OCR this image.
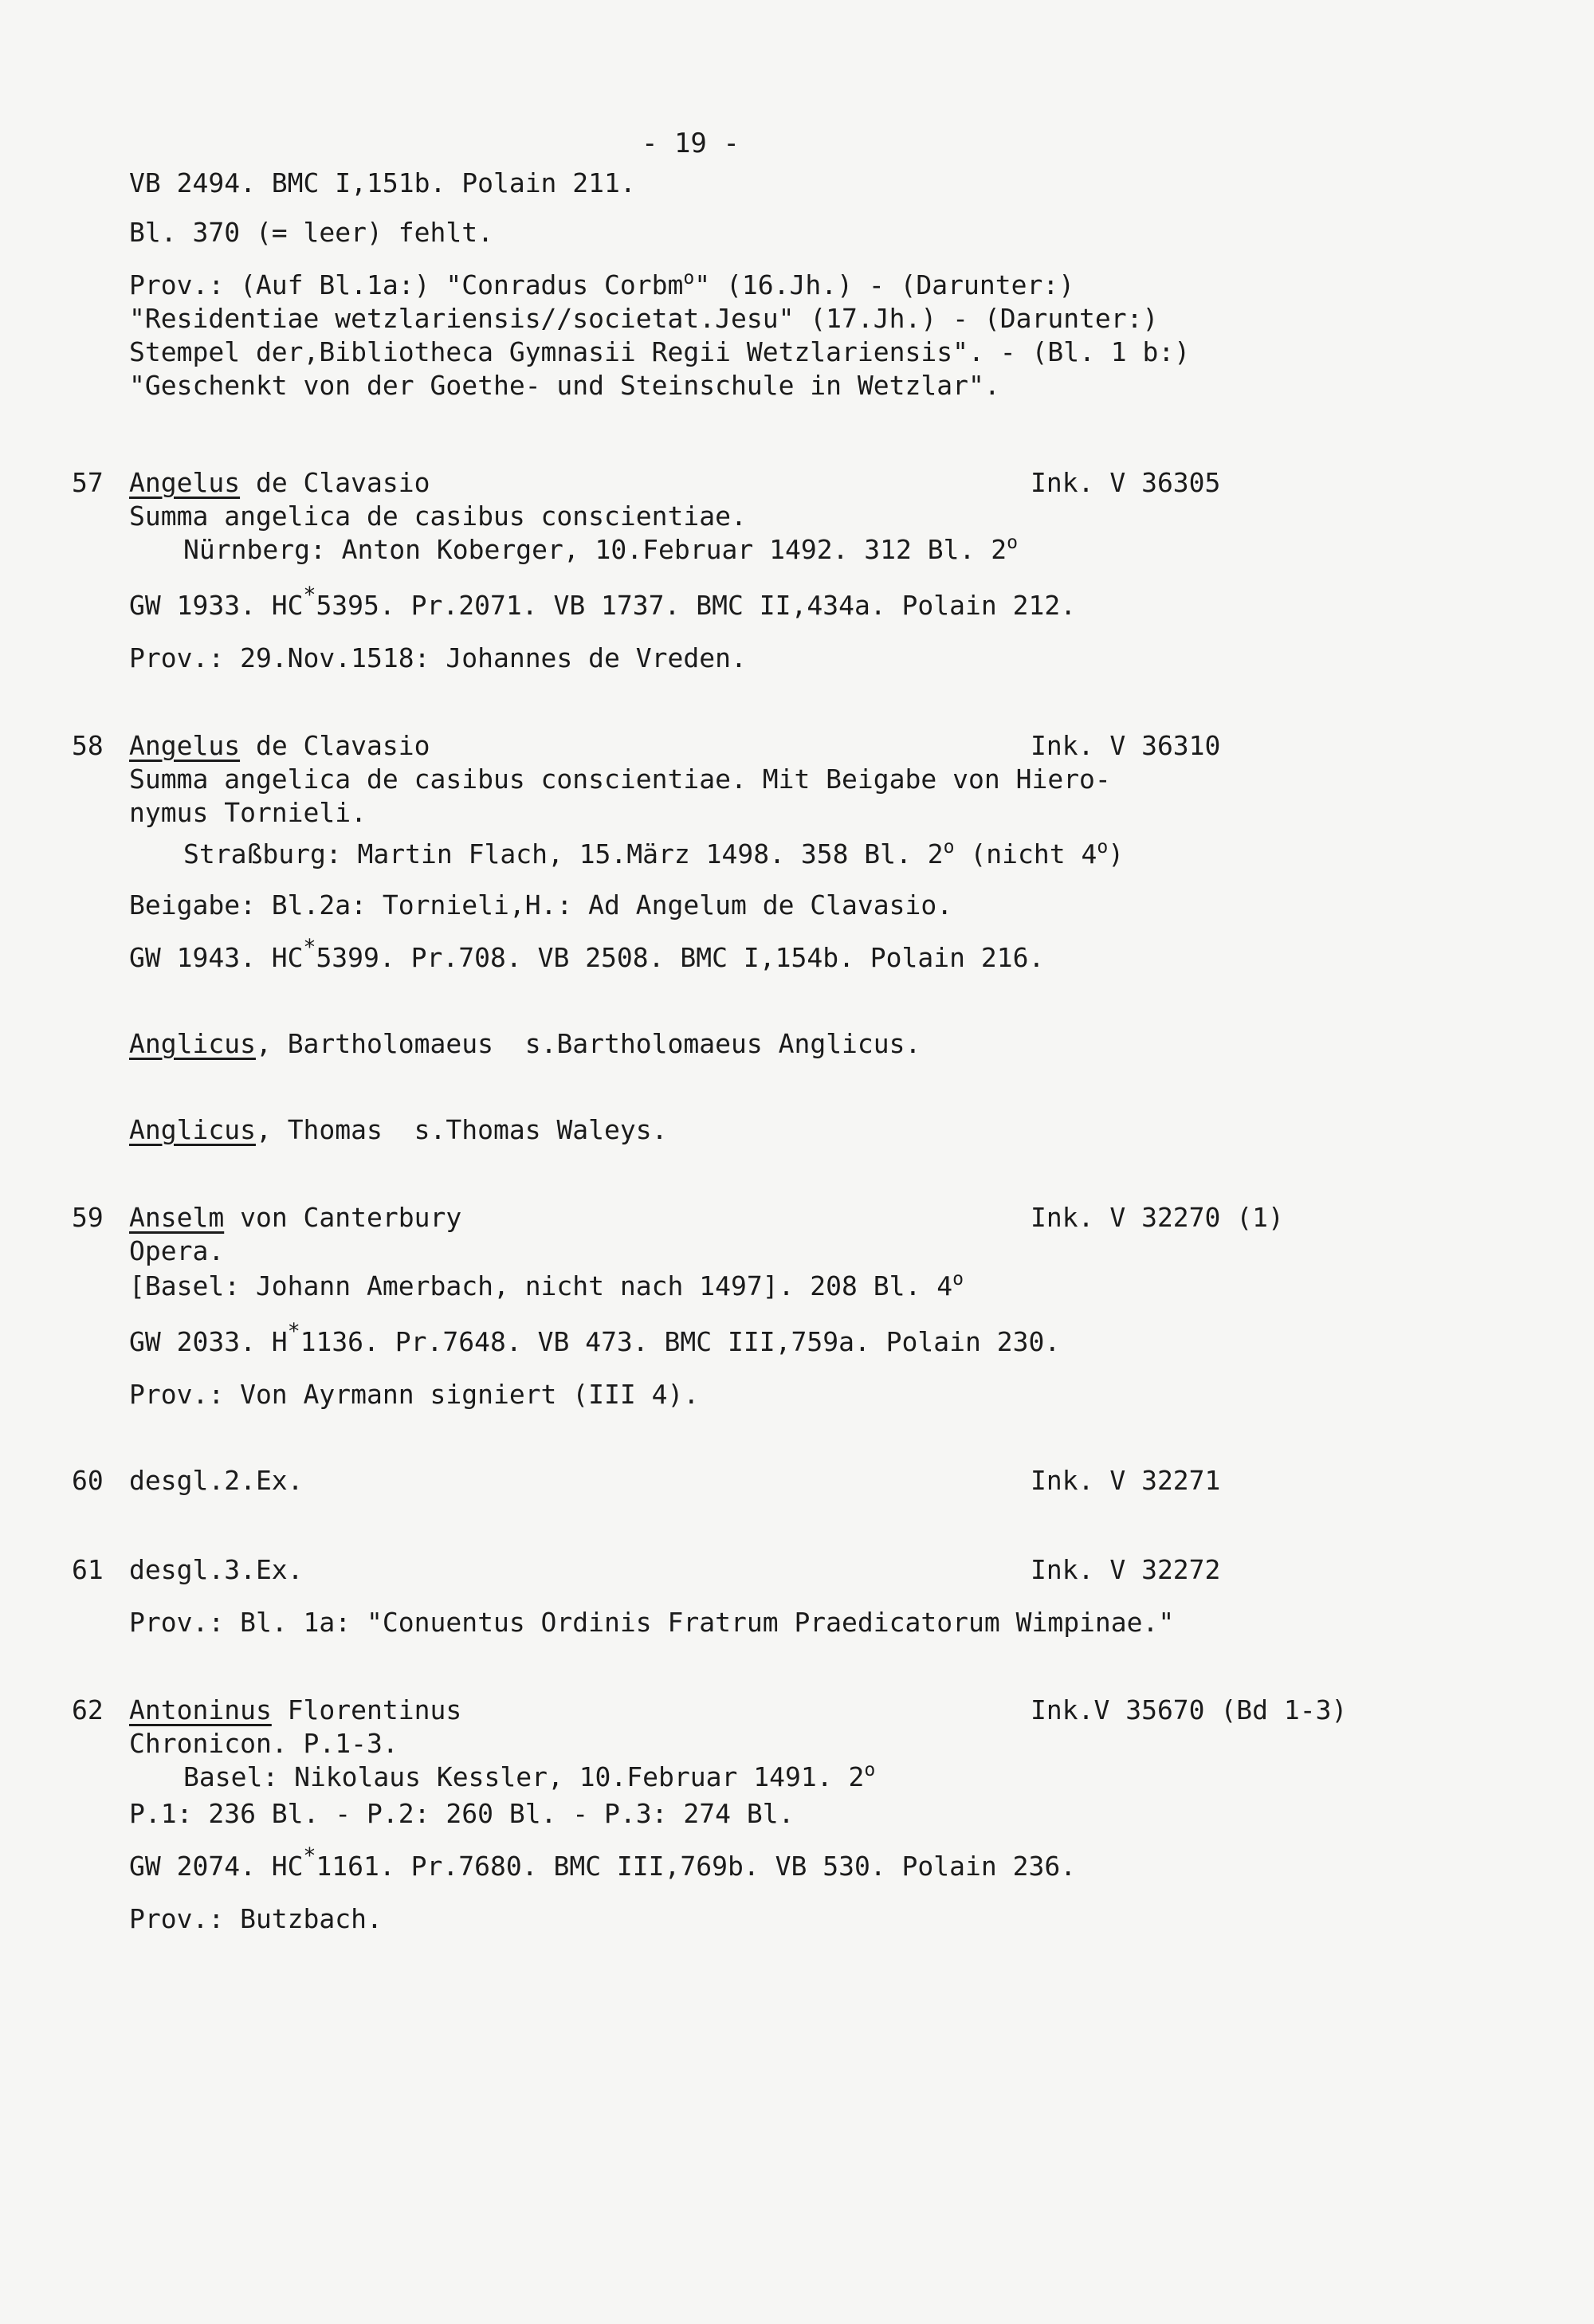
- 19 -
VB 2494. BMC I,151b. Polain 211.
Bl. 370 (= leer) fehlt.
Prov.: (Auf Bl.1a:) "Conradus Corbm$^o$" (16.Jh.) - (Darunter:)
"Residentiae wetzlariensis//societat.Jesu" (17.Jh.) - (Darunter:)
Stempel der,Bibliotheca Gymnasii Regii Wetzlariensis". - (Bl. 1 b:)
"Geschenkt von der Goethe- und Steinschule in Wetzlar".
57 Angelus de Clavasio	Ink. V 36305
Summa angelica de casibus conscientiae.
Nürnberg: Anton Koberger, 10.Februar 1492. 312 Bl. 2$^o$
GW 1933. HC*5395. Pr.2071. VB 1737. BMC II,434a. Polain 212.
Prov.: 29.Nov.1518: Johannes de Vreden.
58 Angelus de Clavasio	Ink. V 36310
Summa angelica de casibus conscientiae. Mit Beigabe von Hiero-
nymus Tornieli.
Straßburg: Martin Flach, 15.März 1498. 358 Bl. 2$^o$ (nicht 4$^o$)
Beigabe: Bl.2a: Tornieli,H.: Ad Angelum de Clavasio.
GW 1943. HC*5399. Pr.708. VB 2508. BMC I,154b. Polain 216.
Anglicus, Bartholomaeus  s.Bartholomaeus Anglicus.
Anglicus, Thomas  s.Thomas Waleys.
59 Anselm von Canterbury	Ink. V 32270 (1)
Opera.
[Basel: Johann Amerbach, nicht nach 1497]. 208 Bl. 4$^o$
GW 2033. H*1136. Pr.7648. VB 473. BMC III,759a. Polain 230.
Prov.: Von Ayrmann signiert (III 4).
60 desgl.2.Ex.	Ink. V 32271
61 desgl.3.Ex.	Ink. V 32272
Prov.: Bl. 1a: "Conuentus Ordinis Fratrum Praedicatorum Wimpinae."
62 Antoninus Florentinus	Ink.V 35670 (Bd 1-3)
Chronicon. P.1-3.
Basel: Nikolaus Kessler, 10.Februar 1491. 2$^o$
P.1: 236 Bl. - P.2: 260 Bl. - P.3: 274 Bl.
GW 2074. HC*1161. Pr.7680. BMC III,769b. VB 530. Polain 236.
Prov.: Butzbach.
